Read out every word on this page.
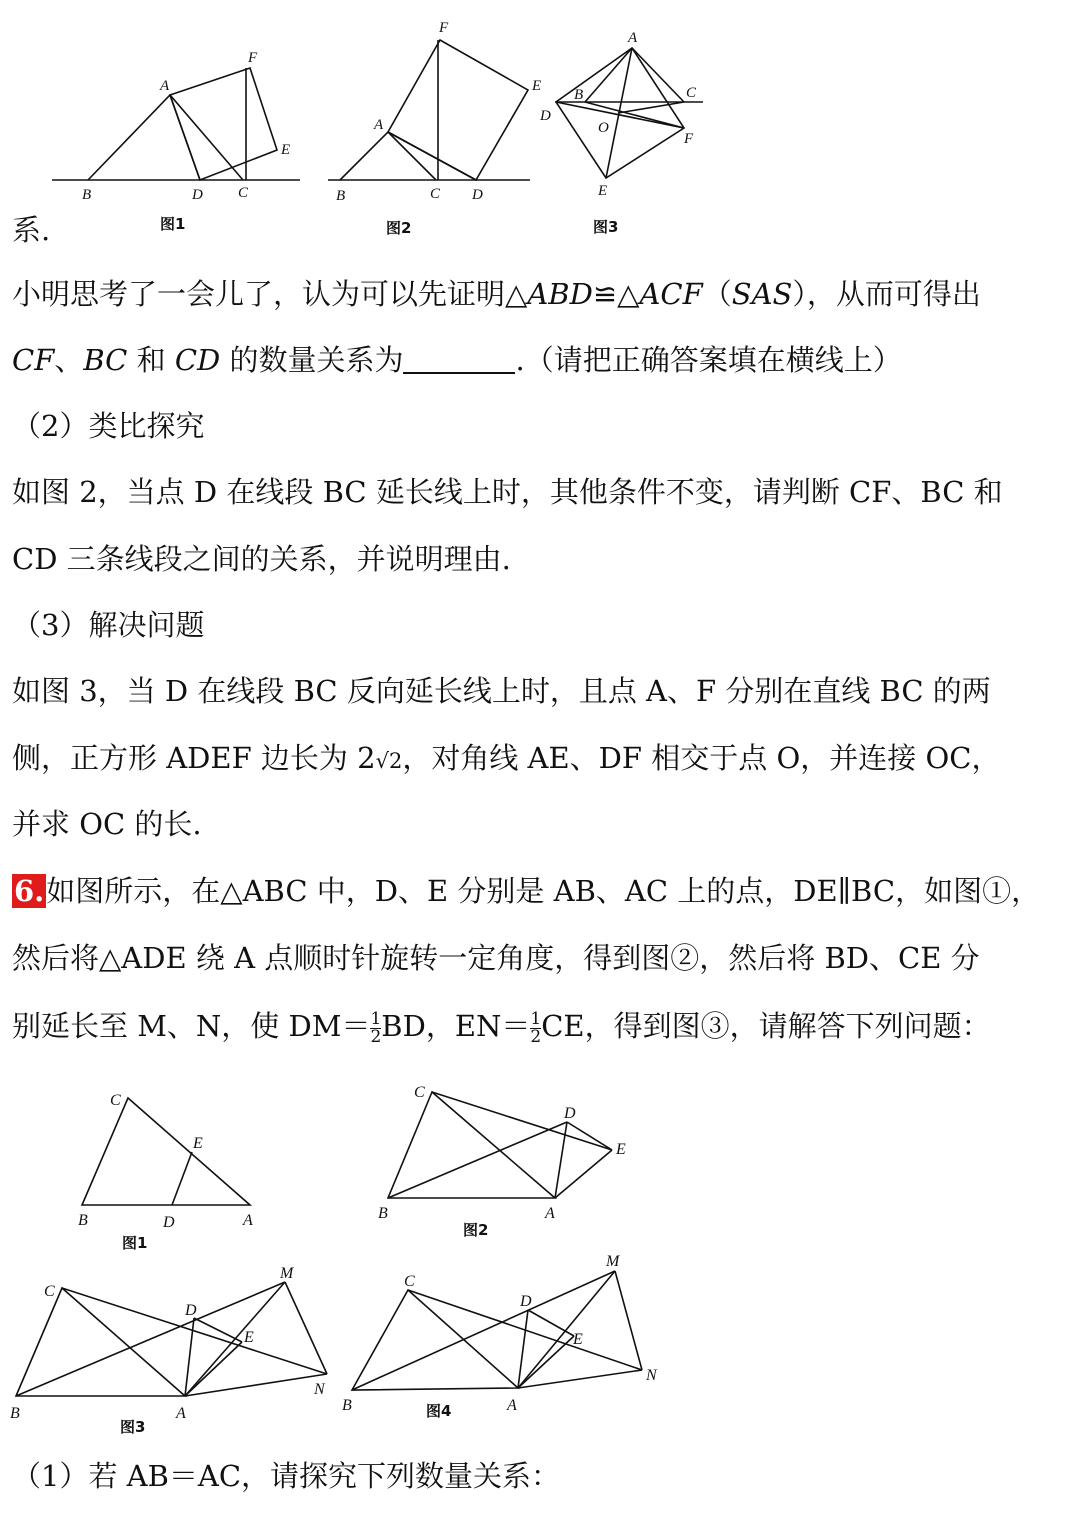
A
B	C
D
E
F
图1
A
B	C D
E
F
图2
A
B	C
D
E
F
O
图3
系.
小明思考了一会儿了，认为可以先证明△ABD≌△ACF（SAS），从而可得出
CF、BC 和 CD 的数量关系为	.（请把正确答案填在横线上）
（2）类比探究
如图 2，当点 D 在线段 BC 延长线上时，其他条件不变，请判断 CF、BC 和
CD 三条线段之间的关系，并说明理由.
（3）解决问题
如图 3，当 D 在线段 BC 反向延长线上时，且点 A、F 分别在直线 BC 的两
侧，正方形 ADEF 边长为 2√2，对角线 AE、DF 相交于点 O，并连接 OC，
并求 OC 的长.
6.如图所示，在△ABC 中，D、E 分别是 AB、AC 上的点，DE∥BC，如图①，
然后将△ADE 绕 A 点顺时针旋转一定角度，得到图②，然后将 BD、CE 分
别延长至 M、N，使 $DM= \frac{1}{2}$ BD，$EN= \frac{1}{2}$ CE，得到图③，请解答下列问题：
C
E
B	D	A
图1
C
D
E
B	A
图2
C
D
E
M
N
B	A
图3
C
D
E
M
N
B	A
图4
（1）若 AB＝AC，请探究下列数量关系：
